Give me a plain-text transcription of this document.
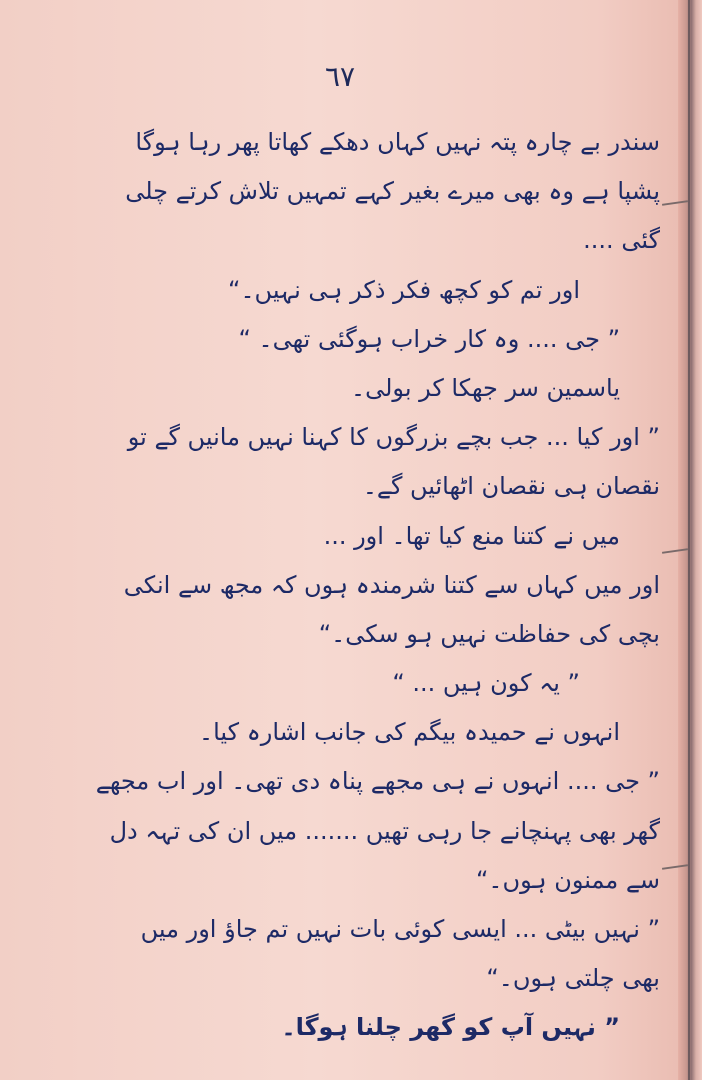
٦٧
سندر بے چارہ پتہ نہیں کہاں دھکے کھاتا پھر رہا ہوگا
پشپا ہے وہ بھی میرے بغیر کہے تمہیں تلاش کرتے چلی
گئی ....
اور تم کو کچھ فکر ذکر ہی نہیں۔“
” جی .... وہ کار خراب ہوگئی تھی۔ “
یاسمین سر جھکا کر بولی۔
” اور کیا ... جب بچے بزرگوں کا کہنا نہیں مانیں گے تو
نقصان ہی نقصان اٹھائیں گے۔
میں نے کتنا منع کیا تھا۔ اور ...
اور میں کہاں سے کتنا شرمندہ ہوں کہ مجھ سے انکی
بچی کی حفاظت نہیں ہو سکی۔“
” یہ کون ہیں ... “
انہوں نے حمیدہ بیگم کی جانب اشارہ کیا۔
” جی .... انہوں نے ہی مجھے پناہ دی تھی۔ اور اب مجھے
گھر بھی پہنچانے جا رہی تھیں ....... میں ان کی تہہ دل
سے ممنون ہوں۔“
” نہیں بیٹی ... ایسی کوئی بات نہیں تم جاؤ اور میں
بھی چلتی ہوں۔“
” نہیں آپ کو گھر چلنا ہوگا۔
